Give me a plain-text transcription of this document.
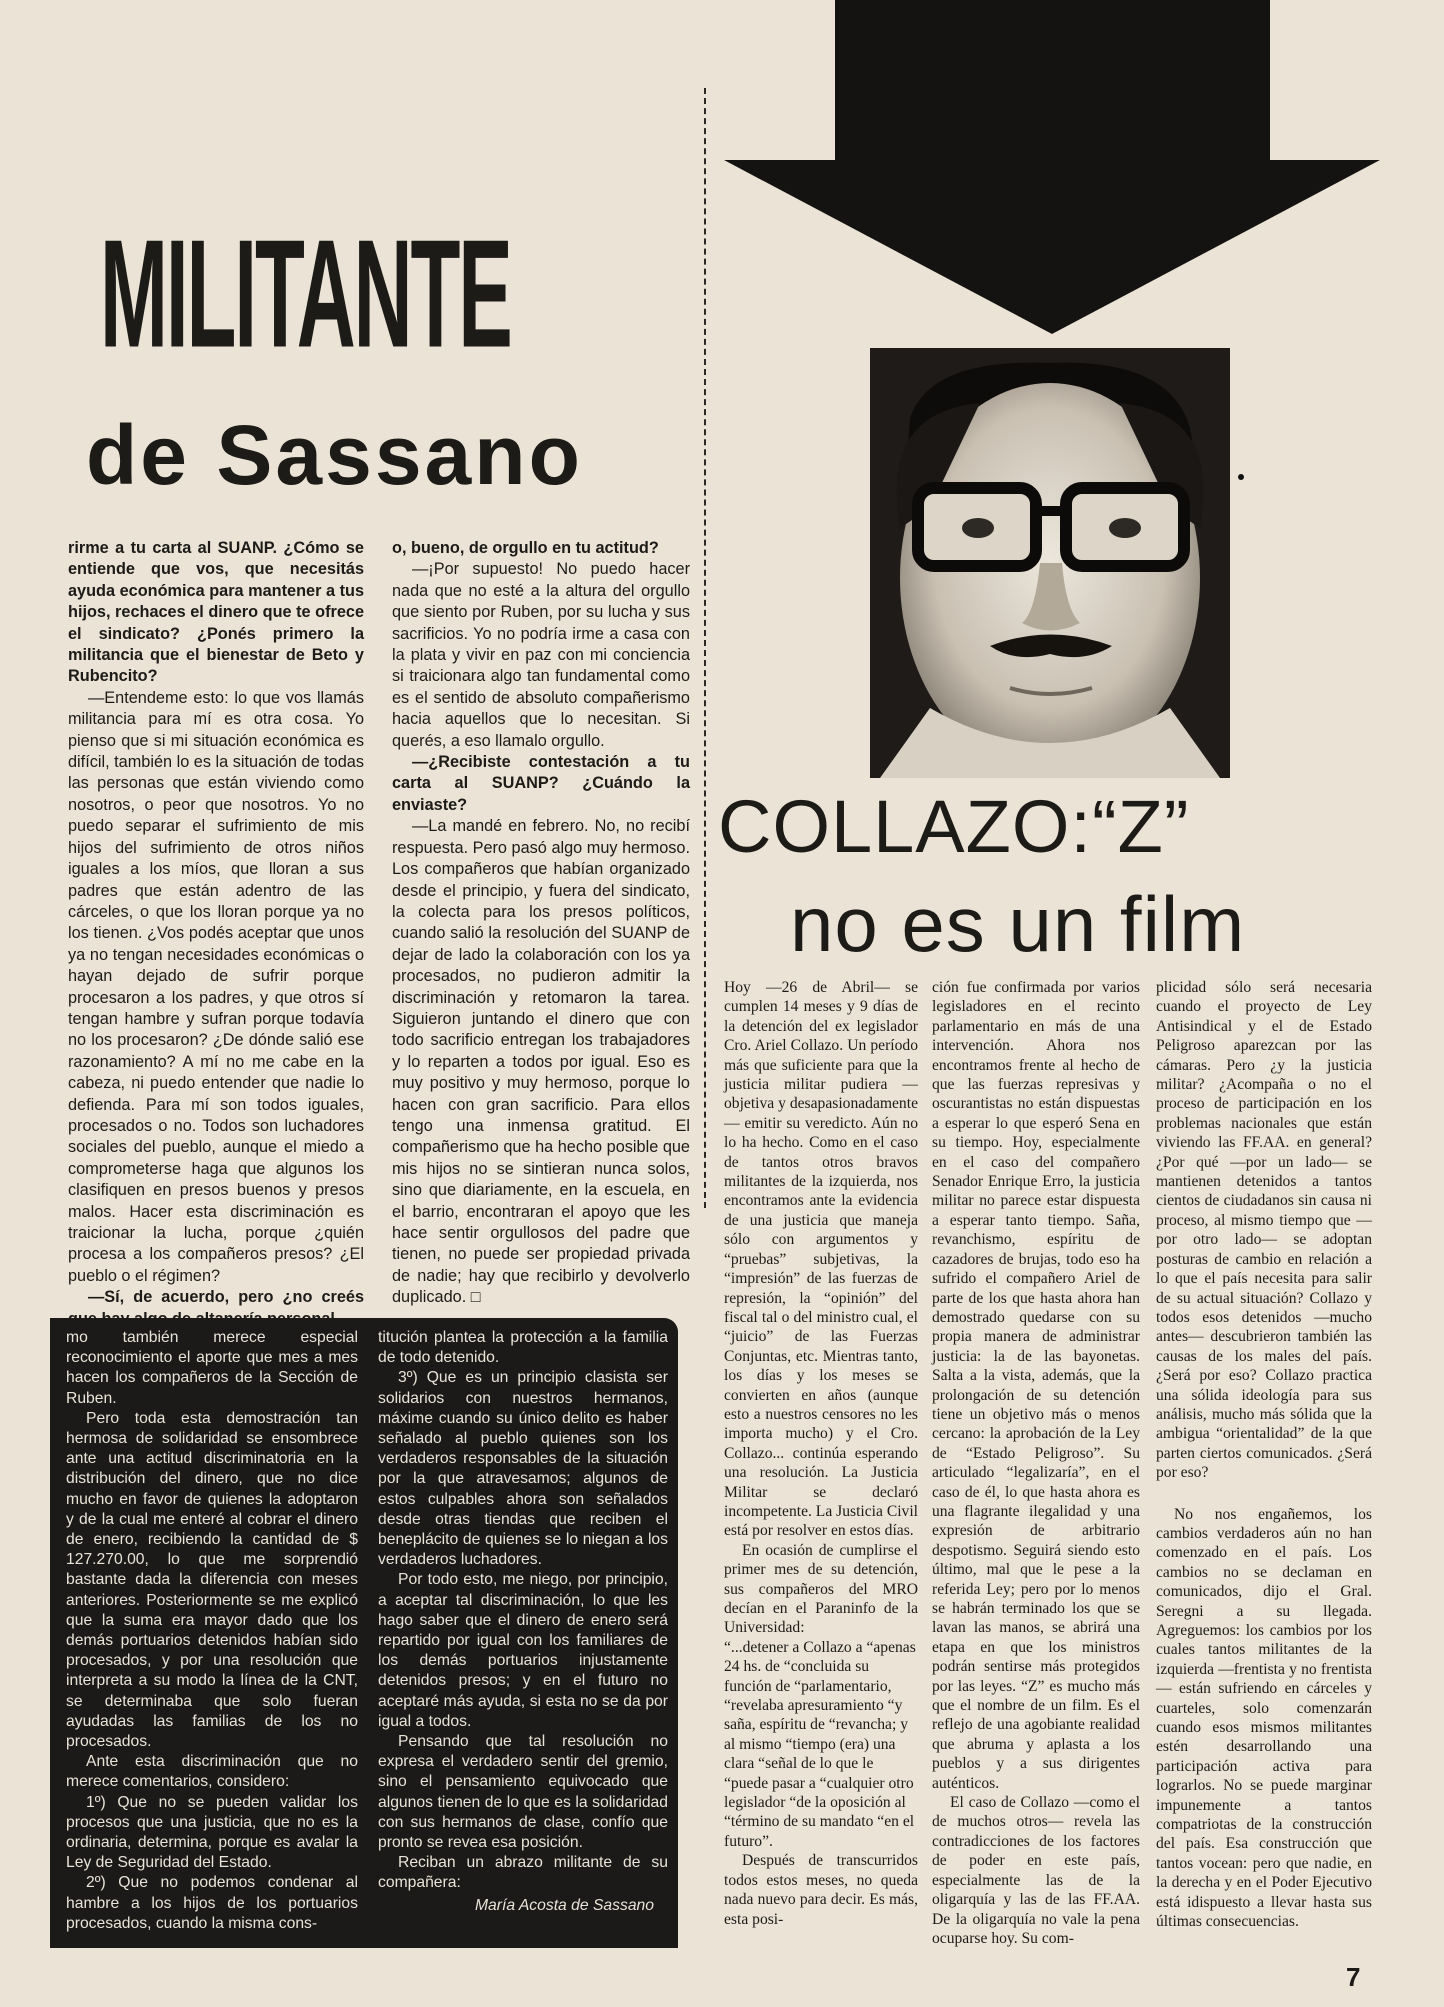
MILITANTE
de Sassano
COLLAZO:“Z”
no es un film

rirme a tu carta al SUANP. ¿Cómo se entiende que vos, que necesitás ayuda económica para mantener a tus hijos, rechaces el dinero que te ofrece el sindicato? ¿Ponés primero la militancia que el bienestar de Beto y Rubencito?

—Entendeme esto: lo que vos llamás militancia para mí es otra cosa. Yo pienso que si mi situación económica es difícil, también lo es la situación de todas las personas que están viviendo como nosotros, o peor que nosotros. Yo no puedo separar el sufrimiento de mis hijos del sufrimiento de otros niños iguales a los míos, que lloran a sus padres que están adentro de las cárceles, o que los lloran porque ya no los tienen. ¿Vos podés aceptar que unos ya no tengan necesidades económicas o hayan dejado de sufrir porque procesaron a los padres, y que otros sí tengan hambre y sufran porque todavía no los procesaron? ¿De dónde salió ese razonamiento? A mí no me cabe en la cabeza, ni puedo entender que nadie lo defienda. Para mí son todos iguales, procesados o no. Todos son luchadores sociales del pueblo, aunque el miedo a comprometerse haga que algunos los clasifiquen en presos buenos y presos malos. Hacer esta discriminación es traicionar la lucha, porque ¿quién procesa a los compañeros presos? ¿El pueblo o el régimen?

—Sí, de acuerdo, pero ¿no creés

o, bueno, de orgullo en tu actitud?

—¡Por supuesto! No puedo hacer nada que no esté a la altura del orgullo que siento por Ruben, por su lucha y sus sacrificios. Yo no podría irme a casa con la plata y vivir en paz con mi conciencia si traicionara algo tan fundamental como es el sentido de absoluto compañerismo hacia aquellos que lo necesitan. Si querés, a eso llamalo orgullo.

—¿Recibiste contestación a tu carta al SUANP? ¿Cuándo la enviaste?

—La mandé en febrero. No, no recibí respuesta. Pero pasó algo muy hermoso. Los compañeros que habían organizado desde el principio, y fuera del sindicato, la colecta para los presos políticos, cuando salió la resolución del SUANP de dejar de lado la colaboración con los ya procesados, no pudieron admitir la discriminación y retomaron la tarea. Siguieron juntando el dinero que con todo sacrificio entregan los trabajadores y lo reparten a todos por igual. Eso es muy positivo y muy hermoso, porque lo hacen con gran sacrificio. Para ellos tengo una inmensa gratitud. El compañerismo que ha hecho posible que mis hijos no se sintieran nunca solos, sino que diariamente, en la escuela, en el barrio, encontraran el apoyo que les hace sentir orgullosos del padre que tienen, no puede ser propiedad privada de nadie; hay que recibirlo y devolverlo duplicado. □

mo también merece especial reconocimiento el aporte que mes a mes hacen los compañeros de la Sección de Ruben.

Pero toda esta demostración tan hermosa de solidaridad se ensombrece ante una actitud discriminatoria en la distribución del dinero, que no dice mucho en favor de quienes la adoptaron y de la cual me enteré al cobrar el dinero de enero, recibiendo la cantidad de $ 127.270.00, lo que me sorprendió bastante dada la diferencia con meses anteriores. Posteriormente se me explicó que la suma era mayor dado que los demás portuarios detenidos habían sido procesados, y por una resolución que interpreta a su modo la línea de la CNT, se determinaba que solo fueran ayudadas las familias de los no procesados.

Ante esta discriminación que no merece comentarios, considero:

1º) Que no se pueden validar los procesos que una justicia, que no es la ordinaria, determina, porque es avalar la Ley de Seguridad del Estado.

2º) Que no podemos condenar al hambre a los hijos de los portuarios procesados, cuando la misma cons-

titución plantea la protección a la familia de todo detenido.

3º) Que es un principio clasista ser solidarios con nuestros hermanos, máxime cuando su único delito es haber señalado al pueblo quienes son los verdaderos responsables de la situación por la que atravesamos; algunos de estos culpables ahora son señalados desde otras tiendas que reciben el beneplácito de quienes se lo niegan a los verdaderos luchadores.

Por todo esto, me niego, por principio, a aceptar tal discriminación, lo que les hago saber que el dinero de enero será repartido por igual con los familiares de los demás portuarios injustamente detenidos presos; y en el futuro no aceptaré más ayuda, si esta no se da por igual a todos.

Pensando que tal resolución no expresa el verdadero sentir del gremio, sino el pensamiento equivocado que algunos tienen de lo que es la solidaridad con sus hermanos de clase, confío que pronto se revea esa posición.

Reciban un abrazo militante de su compañera:

María Acosta de Sassano

Hoy —26 de Abril— se cumplen 14 meses y 9 días de la detención del ex legislador Cro. Ariel Collazo. Un período más que suficiente para que la justicia militar pudiera —objetiva y desapasionadamente— emitir su veredicto. Aún no lo ha hecho. Como en el caso de tantos otros bravos militantes de la izquierda, nos encontramos ante la evidencia de una justicia que maneja sólo con argumentos y “pruebas” subjetivas, la “impresión” de las fuerzas de represión, la “opinión” del fiscal tal o del ministro cual, el “juicio” de las Fuerzas Conjuntas, etc. Mientras tanto, los días y los meses se convierten en años (aunque esto a nuestros censores no les importa mucho) y el Cro. Collazo... continúa esperando una resolución. La Justicia Militar se declaró incompetente. La Justicia Civil está por resolver en estos días.

En ocasión de cumplirse el primer mes de su detención, sus compañeros del MRO decían en el Paraninfo de la Universidad:

“...detener a Collazo a “apenas 24 hs. de “concluida su función de “parlamentario, “revelaba apresuramiento “y saña, espíritu de “revancha; y al mismo “tiempo (era) una clara “señal de lo que le “puede pasar a “cualquier otro legislador “de la oposición al “término de su mandato “en el futuro”.

Después de transcurridos todos estos meses, no queda nada nuevo para decir. Es más, esta posi-

ción fue confirmada por varios legisladores en el recinto parlamentario en más de una intervención. Ahora nos encontramos frente al hecho de que las fuerzas represivas y oscurantistas no están dispuestas a esperar lo que esperó Sena en su tiempo. Hoy, especialmente en el caso del compañero Senador Enrique Erro, la justicia militar no parece estar dispuesta a esperar tanto tiempo. Saña, revanchismo, espíritu de cazadores de brujas, todo eso ha sufrido el compañero Ariel de parte de los que hasta ahora han demostrado quedarse con su propia manera de administrar justicia: la de las bayonetas. Salta a la vista, además, que la prolongación de su detención tiene un objetivo más o menos cercano: la aprobación de la Ley de “Estado Peligroso”. Su articulado “legalizaría”, en el caso de él, lo que hasta ahora es una flagrante ilegalidad y una expresión de arbitrario despotismo. Seguirá siendo esto último, mal que le pese a la referida Ley; pero por lo menos se habrán terminado los que se lavan las manos, se abrirá una etapa en que los ministros podrán sentirse más protegidos por las leyes. “Z” es mucho más que el nombre de un film. Es el reflejo de una agobiante realidad que abruma y aplasta a los pueblos y a sus dirigentes auténticos.

El caso de Collazo —como el de muchos otros— revela las contradicciones de los factores de poder en este país, especialmente las de la oligarquía y las de las FF.AA. De la oligarquía no vale la pena ocuparse hoy. Su com-

plicidad sólo será necesaria cuando el proyecto de Ley Antisindical y el de Estado Peligroso aparezcan por las cámaras. Pero ¿y la justicia militar? ¿Acompaña o no el proceso de participación en los problemas nacionales que están viviendo las FF.AA. en general? ¿Por qué —por un lado— se mantienen detenidos a tantos cientos de ciudadanos sin causa ni proceso, al mismo tiempo que —por otro lado— se adoptan posturas de cambio en relación a lo que el país necesita para salir de su actual situación? Collazo y todos esos detenidos —mucho antes— descubrieron también las causas de los males del país. ¿Será por eso? Collazo practica una sólida ideología para sus análisis, mucho más sólida que la ambigua “orientalidad” de la que parten ciertos comunicados. ¿Será por eso?

No nos engañemos, los cambios verdaderos aún no han comenzado en el país. Los cambios no se declaman en comunicados, dijo el Gral. Seregni a su llegada. Agreguemos: los cambios por los cuales tantos militantes de la izquierda —frentista y no frentista— están sufriendo en cárceles y cuarteles, solo comenzarán cuando esos mismos militantes estén desarrollando una participación activa para lograrlos. No se puede marginar impunemente a tantos compatriotas de la construcción del país. Esa construcción que tantos vocean: pero que nadie, en la derecha y en el Poder Ejecutivo está idispuesto a llevar hasta sus últimas consecuencias.

7
